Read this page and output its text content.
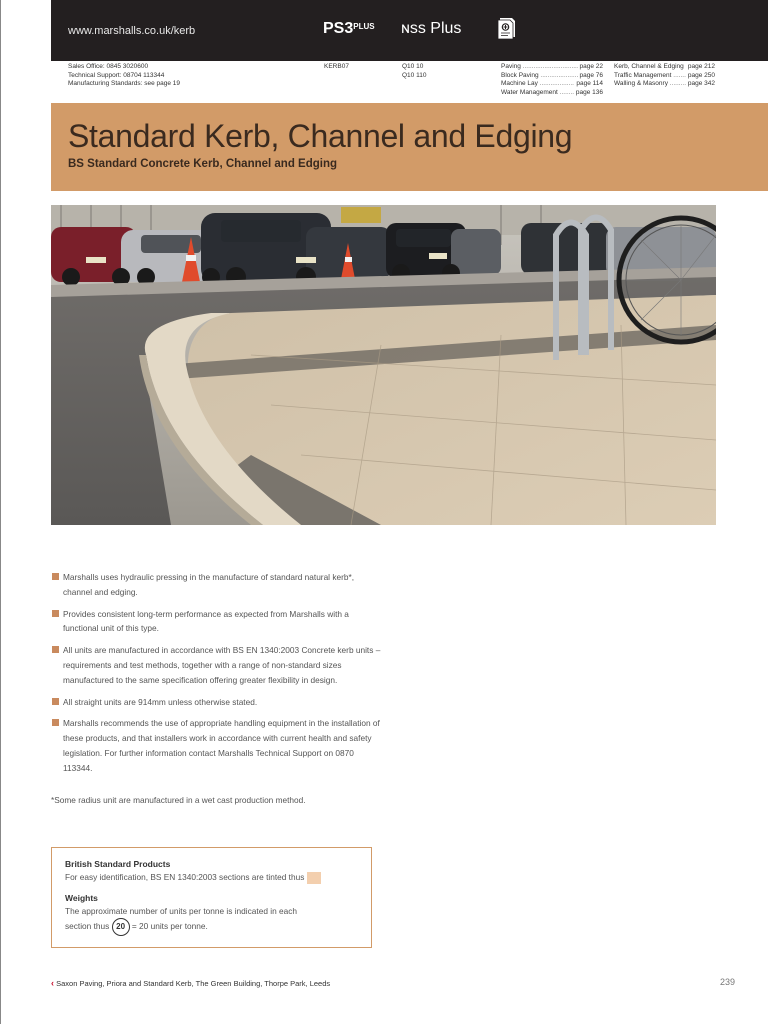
www.marshalls.co.uk/kerb	$PS3^{PLUS}$ ɴss Plus
Sales Office: 0845 3020600
Technical Support: 08704 113344
Manufacturing Standards: see page 19
KERB07	Q10 10
Q10 110
Paving .....	page 22
Block Paving .....	page 76
Machine Lay .....	page 114
Water Management .....	page 136
Kerb, Channel & Edging ..... page 212
Traffic Management .....	page 250
Walling & Masonry .....	page 342
Standard Kerb, Channel and Edging
BS Standard Concrete Kerb, Channel and Edging
Marshalls uses hydraulic pressing in the manufacture of standard natural kerb*, channel and edging.
Provides consistent long-term performance as expected from Marshalls with a functional unit of this type.
All units are manufactured in accordance with BS EN 1340:2003 Concrete kerb units – requirements and test methods, together with a range of non-standard sizes manufactured to the same specification offering greater flexibility in design.
All straight units are 914mm unless otherwise stated.
Marshalls recommends the use of appropriate handling equipment in the installation of these products, and that installers work in accordance with current health and safety legislation. For further information contact Marshalls Technical Support on 0870 113344.
*Some radius unit are manufactured in a wet cast production method.
British Standard Products
For easy identification, BS EN 1340:2003 sections are tinted thus
Weights
The approximate number of units per tonne is indicated in each
section thus 20 = 20 units per tonne.
‹ Saxon Paving, Priora and Standard Kerb, The Green Building, Thorpe Park, Leeds	239
